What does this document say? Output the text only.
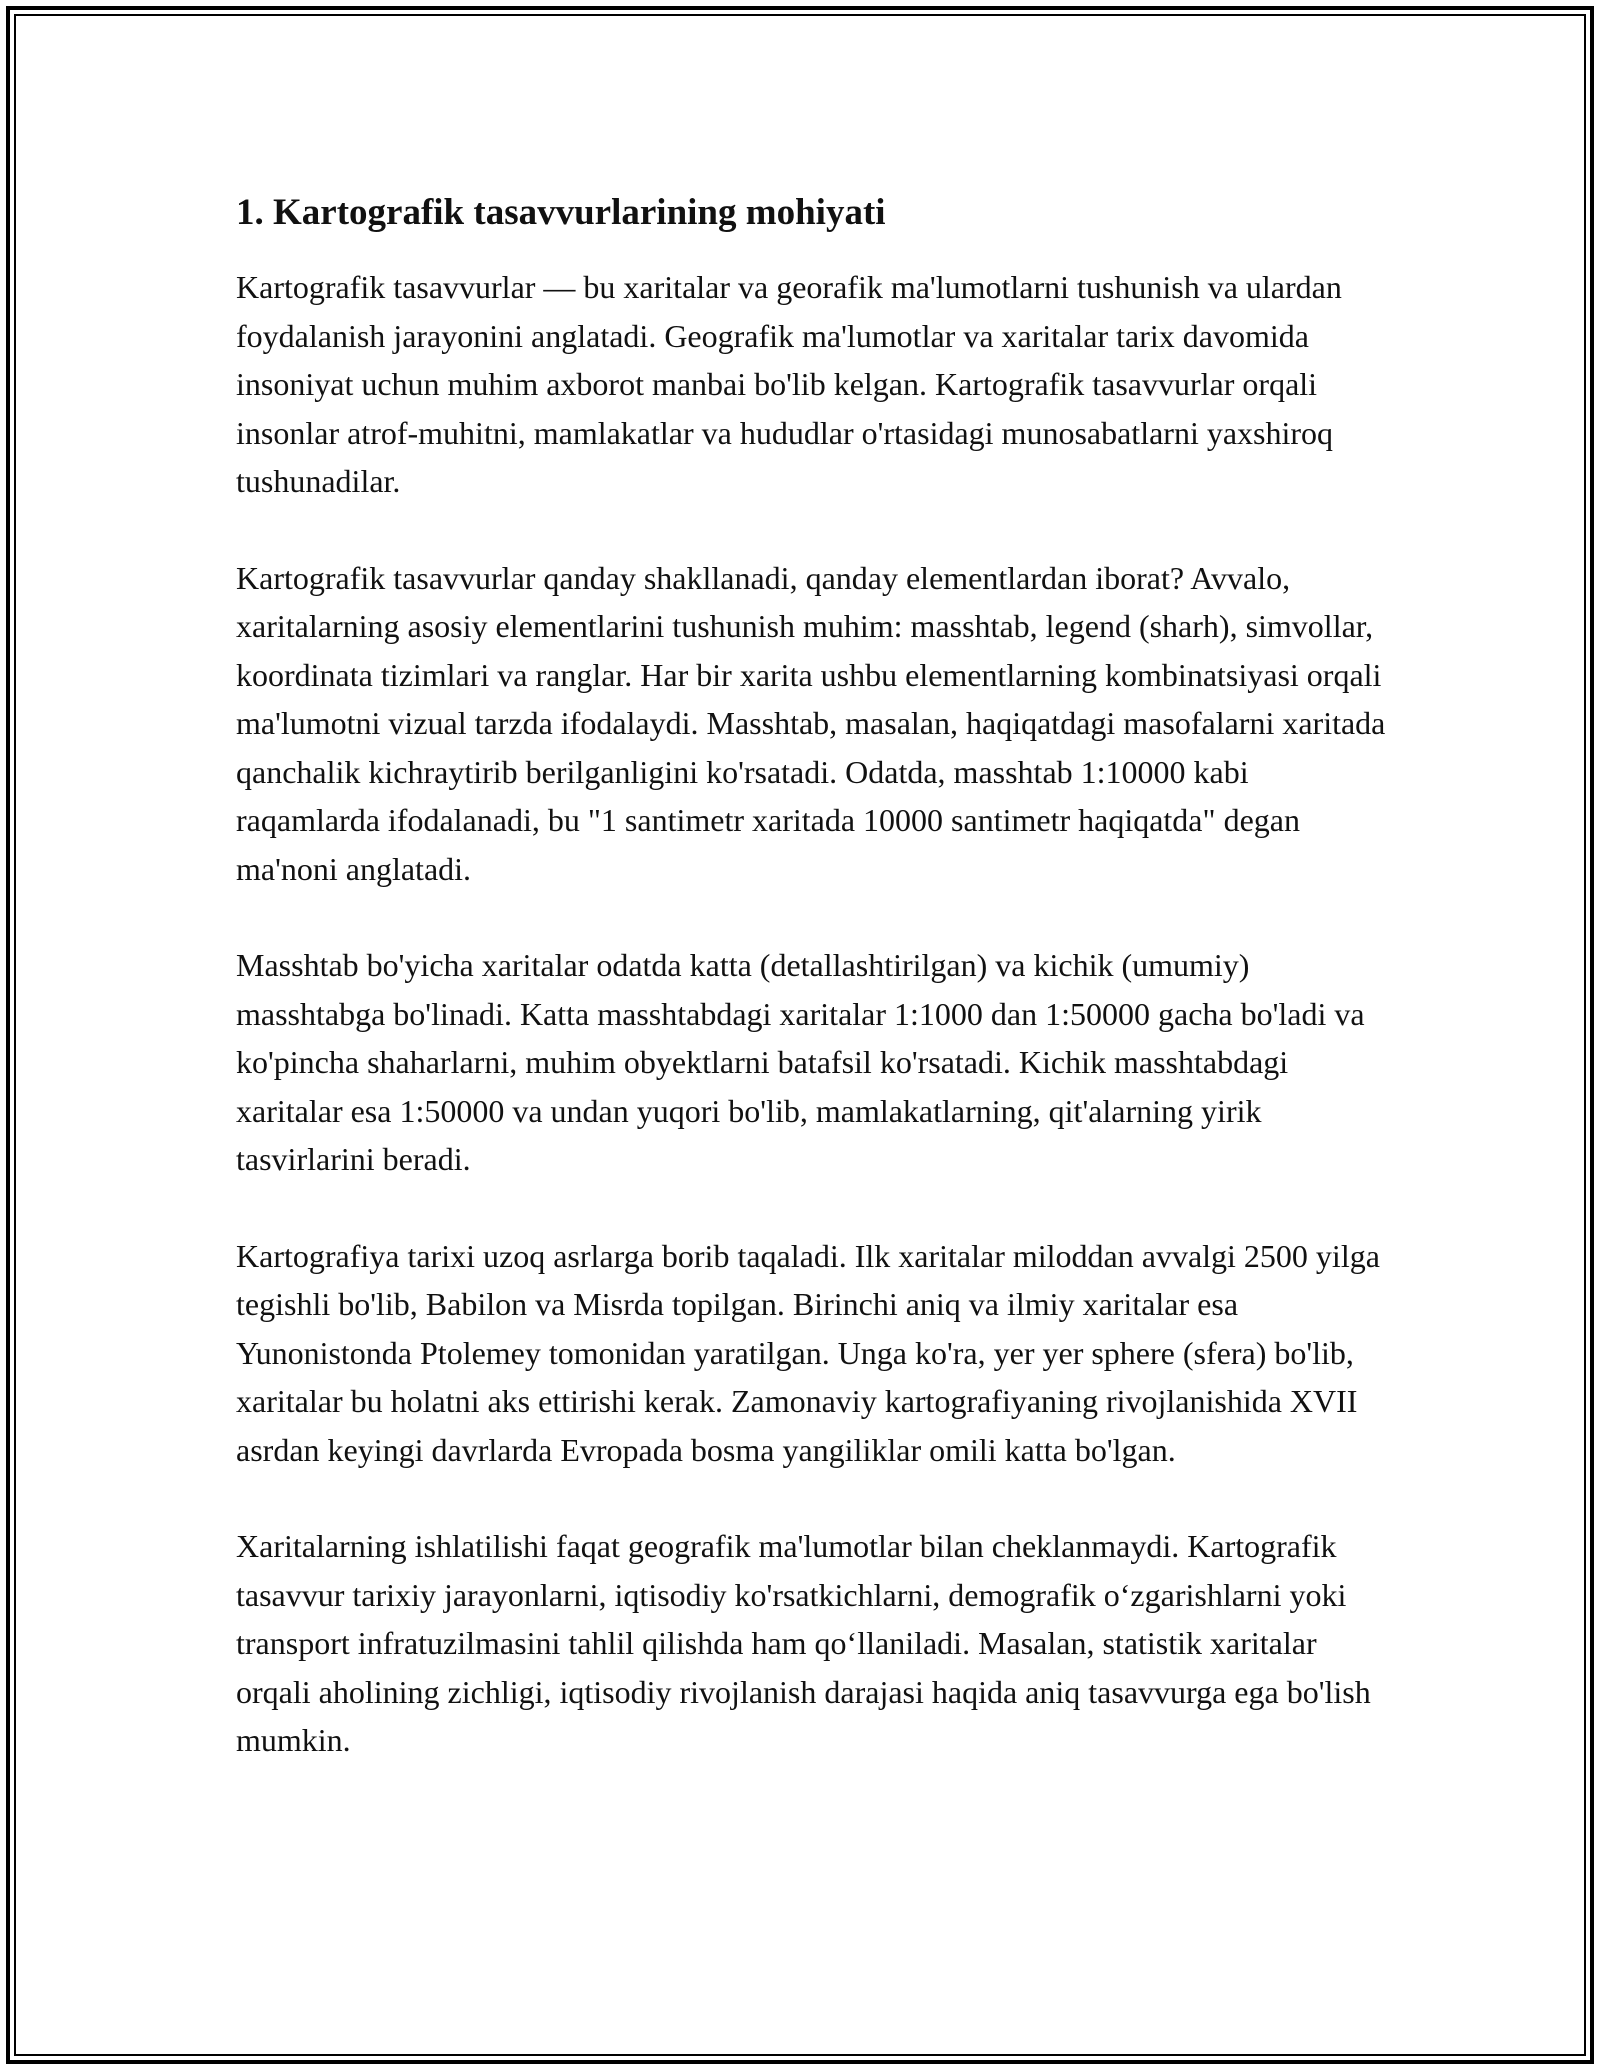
1. Kartografik tasavvurlarining mohiyati

Kartografik tasavvurlar — bu xaritalar va georafik ma'lumotlarni tushunish va ulardan foydalanish jarayonini anglatadi. Geografik ma'lumotlar va xaritalar tarix davomida insoniyat uchun muhim axborot manbai bo'lib kelgan. Kartografik tasavvurlar orqali insonlar atrof-muhitni, mamlakatlar va hududlar o'rtasidagi munosabatlarni yaxshiroq tushunadilar.

Kartografik tasavvurlar qanday shakllanadi, qanday elementlardan iborat? Avvalo, xaritalarning asosiy elementlarini tushunish muhim: masshtab, legend (sharh), simvollar, koordinata tizimlari va ranglar. Har bir xarita ushbu elementlarning kombinatsiyasi orqali ma'lumotni vizual tarzda ifodalaydi. Masshtab, masalan, haqiqatdagi masofalarni xaritada qanchalik kichraytirib berilganligini ko'rsatadi. Odatda, masshtab 1:10000 kabi raqamlarda ifodalanadi, bu "1 santimetr xaritada 10000 santimetr haqiqatda" degan ma'noni anglatadi.

Masshtab bo'yicha xaritalar odatda katta (detallashtirilgan) va kichik (umumiy) masshtabga bo'linadi. Katta masshtabdagi xaritalar 1:1000 dan 1:50000 gacha bo'ladi va ko'pincha shaharlarni, muhim obyektlarni batafsil ko'rsatadi. Kichik masshtabdagi xaritalar esa 1:50000 va undan yuqori bo'lib, mamlakatlarning, qit'alarning yirik tasvirlarini beradi.

Kartografiya tarixi uzoq asrlarga borib taqaladi. Ilk xaritalar miloddan avvalgi 2500 yilga tegishli bo'lib, Babilon va Misrda topilgan. Birinchi aniq va ilmiy xaritalar esa Yunonistonda Ptolemey tomonidan yaratilgan. Unga ko'ra, yer yer sphere (sfera) bo'lib, xaritalar bu holatni aks ettirishi kerak. Zamonaviy kartografiyaning rivojlanishida XVII asrdan keyingi davrlarda Evropada bosma yangiliklar omili katta bo'lgan.

Xaritalarning ishlatilishi faqat geografik ma'lumotlar bilan cheklanmaydi. Kartografik tasavvur tarixiy jarayonlarni, iqtisodiy ko'rsatkichlarni, demografik oʻzgarishlarni yoki transport infratuzilmasini tahlil qilishda ham qoʻllaniladi. Masalan, statistik xaritalar orqali aholining zichligi, iqtisodiy rivojlanish darajasi haqida aniq tasavvurga ega bo'lish mumkin.
